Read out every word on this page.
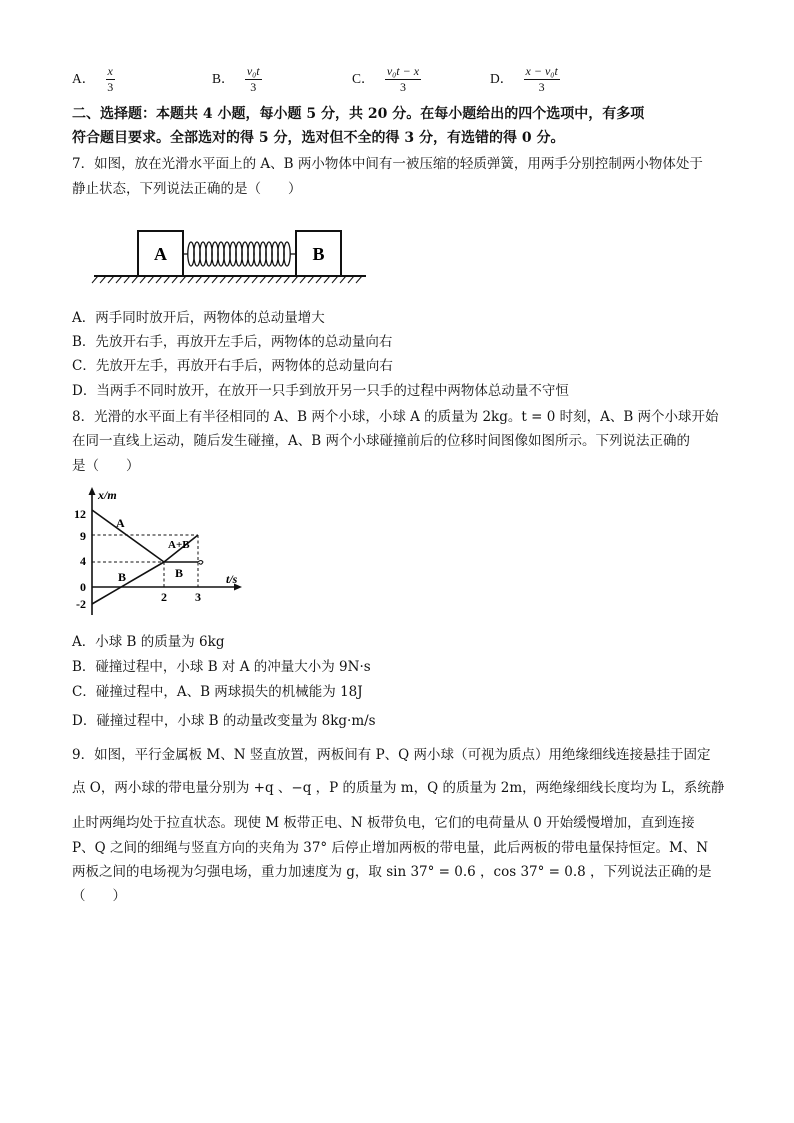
A． $\frac{x}{3}$	B． $\frac{\text{v₀t}}{3}$	C． $\frac{\text{v₀t − x}}{3}$	D． $\frac{\text{x − v₀t}}{3}$
二、选择题：本题共 4 小题，每小题 5 分，共 20 分。在每小题给出的四个选项中，有多项
符合题目要求。全部选对的得 5 分，选对但不全的得 3 分，有选错的得 0 分。
7．如图，放在光滑水平面上的 A、B 两小物体中间有一被压缩的轻质弹簧，用两手分别控制两小物体处于
静止状态，下列说法正确的是（　　）
A	B
A．两手同时放开后，两物体的总动量增大
B．先放开右手，再放开左手后，两物体的总动量向右
C．先放开左手，再放开右手后，两物体的总动量向右
D．当两手不同时放开，在放开一只手到放开另一只手的过程中两物体总动量不守恒
8．光滑的水平面上有半径相同的 A、B 两个小球，小球 A 的质量为 2kg。t = 0 时刻，A、B 两个小球开始
在同一直线上运动，随后发生碰撞，A、B 两个小球碰撞前后的位移时间图像如图所示。下列说法正确的
是（　　）
x/m
t/s
12
9
4
0
-2	2 3
A
B
A+B
B
A．小球 B 的质量为 6kg
B．碰撞过程中，小球 B 对 A 的冲量大小为 9N·s
C．碰撞过程中，A、B 两球损失的机械能为 18J
D．碰撞过程中，小球 B 的动量改变量为 8kg·m/s
9．如图，平行金属板 M、N 竖直放置，两板间有 P、Q 两小球（可视为质点）用绝缘细线连接悬挂于固定
点 O，两小球的带电量分别为 +q 、−q ，P 的质量为 m，Q 的质量为 2m，两绝缘细线长度均为 L，系统静
止时两绳均处于拉直状态。现使 M 板带正电、N 板带负电，它们的电荷量从 0 开始缓慢增加，直到连接
P、Q 之间的细绳与竖直方向的夹角为 37° 后停止增加两板的带电量，此后两板的带电量保持恒定。M、N
两板之间的电场视为匀强电场，重力加速度为 g，取 sin 37° = 0.6 ，cos 37° = 0.8 ，下列说法正确的是
（　　）
